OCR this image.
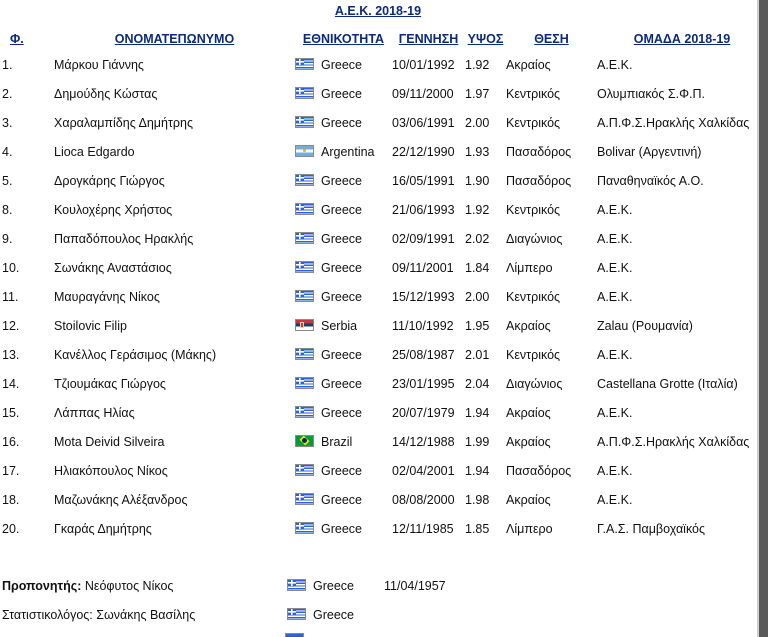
Α.Ε.Κ. 2018-19
Φ.	ΟΝΟΜΑΤΕΠΩΝΥΜΟ	ΕΘΝΙΚΟΤΗΤΑ	ΓΕΝΝΗΣΗ	ΥΨΟΣ	ΘΕΣΗ	ΟΜΑΔΑ 2018-19
1.	Μάρκου Γιάννης	Greece	10/01/1992	1.92	Ακραίος	Α.Ε.Κ.
2.	Δημούδης Κώστας	Greece	09/11/2000	1.97	Κεντρικός	Ολυμπιακός Σ.Φ.Π.
3.	Χαραλαμπίδης Δημήτρης	Greece	03/06/1991	2.00	Κεντρικός	Α.Π.Φ.Σ.Ηρακλής Χαλκίδας
4.	Lioca Edgardo	Argentina	22/12/1990	1.93	Πασαδόρος	Bolivar (Αργεντινή)
5.	Δρογκάρης Γιώργος	Greece	16/05/1991	1.90	Πασαδόρος	Παναθηναϊκός Α.Ο.
8.	Κουλοχέρης Χρήστος	Greece	21/06/1993	1.92	Κεντρικός	Α.Ε.Κ.
9.	Παπαδόπουλος Ηρακλής	Greece	02/09/1991	2.02	Διαγώνιος	Α.Ε.Κ.
10.	Σωνάκης Αναστάσιος	Greece	09/11/2001	1.84	Λίμπερο	Α.Ε.Κ.
11.	Μαυραγάνης Νίκος	Greece	15/12/1993	2.00	Κεντρικός	Α.Ε.Κ.
12.	Stoilovic Filip	Serbia	11/10/1992	1.95	Ακραίος	Zalau (Ρουμανία)
13.	Κανέλλος Γεράσιμος (Μάκης)	Greece	25/08/1987	2.01	Κεντρικός	Α.Ε.Κ.
14.	Τζιουμάκας Γιώργος	Greece	23/01/1995	2.04	Διαγώνιος	Castellana Grotte (Ιταλία)
15.	Λάππας Ηλίας	Greece	20/07/1979	1.94	Ακραίος	Α.Ε.Κ.
16.	Mota Deivid Silveira	Brazil	14/12/1988	1.99	Ακραίος	Α.Π.Φ.Σ.Ηρακλής Χαλκίδας
17.	Ηλιακόπουλος Νίκος	Greece	02/04/2001	1.94	Πασαδόρος	Α.Ε.Κ.
18.	Μαζωνάκης Αλέξανδρος	Greece	08/08/2000	1.98	Ακραίος	Α.Ε.Κ.
20.	Γκαράς Δημήτρης	Greece	12/11/1985	1.85	Λίμπερο	Γ.Α.Σ. Παμβοχαϊκός
Προπονητής: Νεόφυτος Νίκος	Greece	11/04/1957
Στατιστικολόγος: Σωνάκης Βασίλης	Greece	
